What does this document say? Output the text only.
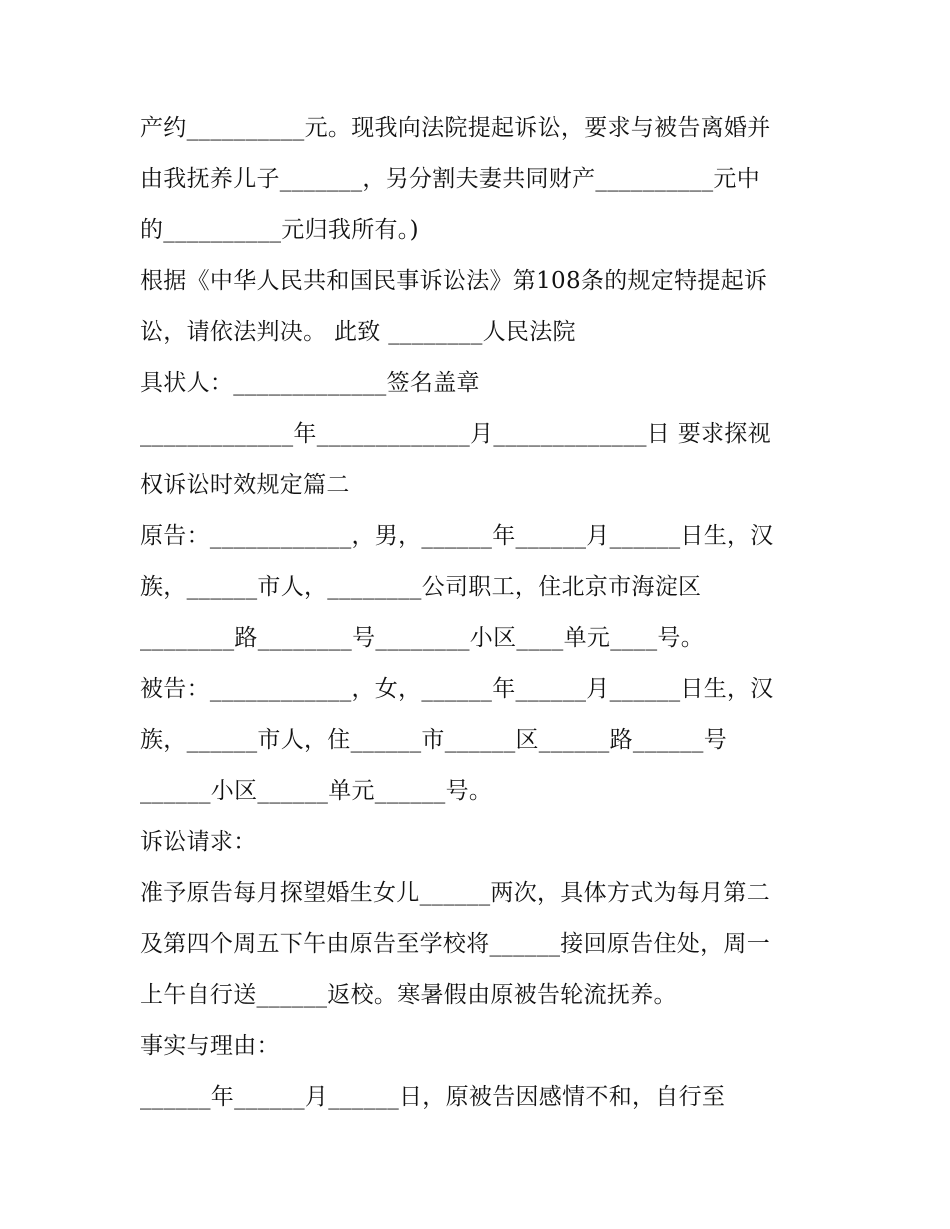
产约__________元。现我向法院提起诉讼，要求与被告离婚并
由我抚养儿子_______，另分割夫妻共同财产__________元中
的__________元归我所有。)
根据《中华人民共和国民事诉讼法》第108条的规定特提起诉
讼，请依法判决。 此致 ________人民法院
具状人：_____________签名盖章
_____________年_____________月_____________日 要求探视
权诉讼时效规定篇二
原告：____________，男，______年______月______日生，汉
族，______市人，________公司职工，住北京市海淀区
________路________号________小区____单元____号。
被告：____________，女，______年______月______日生，汉
族，______市人，住______市______区______路______号
______小区______单元______号。
诉讼请求：
准予原告每月探望婚生女儿______两次，具体方式为每月第二
及第四个周五下午由原告至学校将______接回原告住处，周一
上午自行送______返校。寒暑假由原被告轮流抚养。
事实与理由：
______年______月______日，原被告因感情不和，自行至
